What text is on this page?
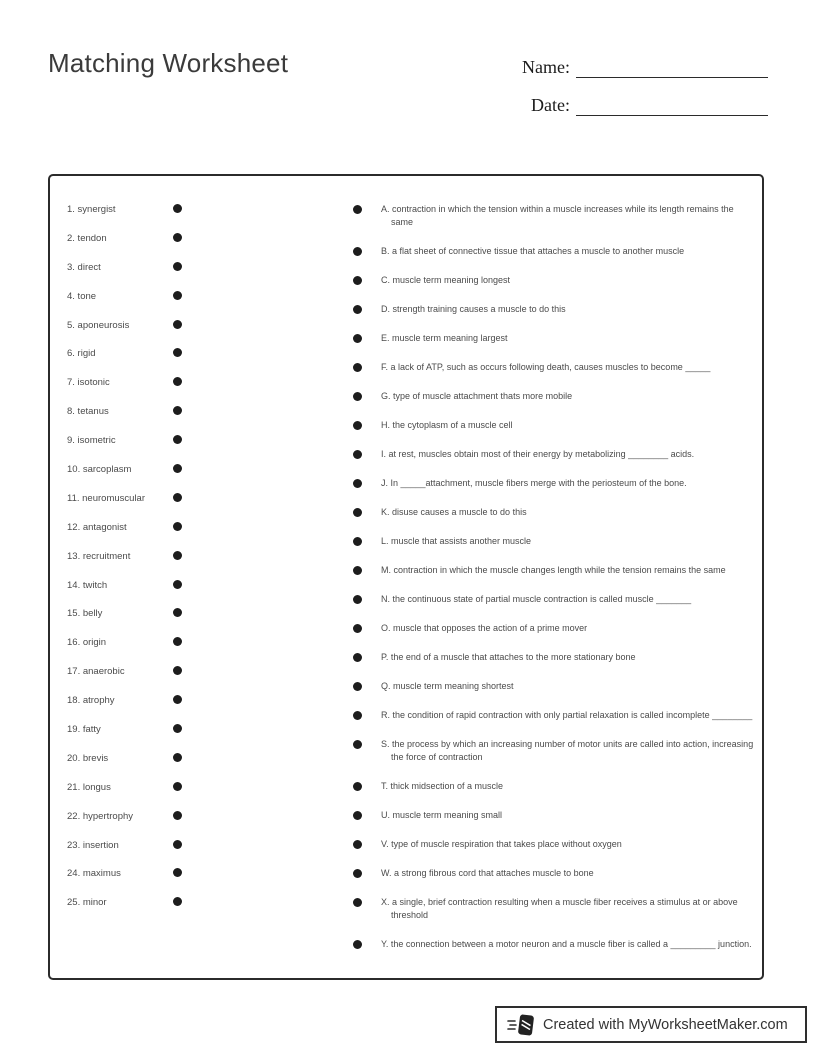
Matching Worksheet	Name:
Date:
1. synergist
2. tendon
3. direct
4. tone
5. aponeurosis
6. rigid
7. isotonic
8. tetanus
9. isometric
10. sarcoplasm
11. neuromuscular
12. antagonist
13. recruitment
14. twitch
15. belly
16. origin
17. anaerobic
18. atrophy
19. fatty
20. brevis
21. longus
22. hypertrophy
23. insertion
24. maximus
25. minor
A. contraction in which the tension within a muscle increases while its length remains the same
B. a flat sheet of connective tissue that attaches a muscle to another muscle
C. muscle term meaning longest
D. strength training causes a muscle to do this
E. muscle term meaning largest
F. a lack of ATP, such as occurs following death, causes muscles to become _____
G. type of muscle attachment thats more mobile
H. the cytoplasm of a muscle cell
I. at rest, muscles obtain most of their energy by metabolizing ________ acids.
J. In _____attachment, muscle fibers merge with the periosteum of the bone.
K. disuse causes a muscle to do this
L. muscle that assists another muscle
M. contraction in which the muscle changes length while the tension remains the same
N. the continuous state of partial muscle contraction is called muscle _______
O. muscle that opposes the action of a prime mover
P. the end of a muscle that attaches to the more stationary bone
Q. muscle term meaning shortest
R. the condition of rapid contraction with only partial relaxation is called incomplete ________
S. the process by which an increasing number of motor units are called into action, increasing the force of contraction
T. thick midsection of a muscle
U. muscle term meaning small
V. type of muscle respiration that takes place without oxygen
W. a strong fibrous cord that attaches muscle to bone
X. a single, brief contraction resulting when a muscle fiber receives a stimulus at or above threshold
Y. the connection between a motor neuron and a muscle fiber is called a _________ junction.
Created with MyWorksheetMaker.com
